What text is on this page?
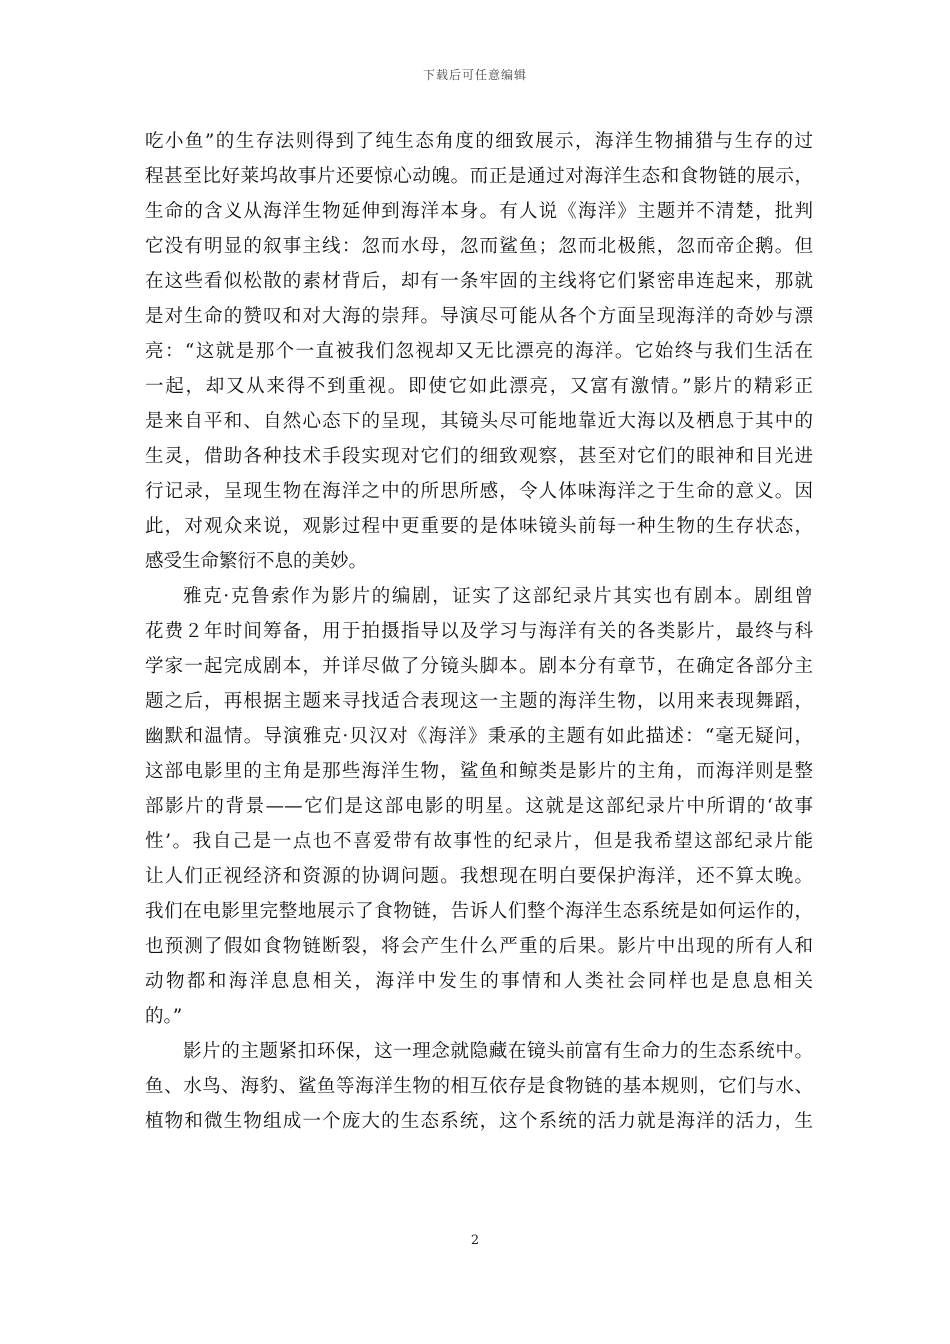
下载后可任意编辑
吃小鱼”的生存法则得到了纯生态角度的细致展示，海洋生物捕猎与生存的过
程甚至比好莱坞故事片还要惊心动魄。而正是通过对海洋生态和食物链的展示，
生命的含义从海洋生物延伸到海洋本身。有人说《海洋》主题并不清楚，批判
它没有明显的叙事主线：忽而水母，忽而鲨鱼；忽而北极熊，忽而帝企鹅。但
在这些看似松散的素材背后，却有一条牢固的主线将它们紧密串连起来，那就
是对生命的赞叹和对大海的崇拜。导演尽可能从各个方面呈现海洋的奇妙与漂
亮：“这就是那个一直被我们忽视却又无比漂亮的海洋。它始终与我们生活在
一起，却又从来得不到重视。即使它如此漂亮，又富有激情。”影片的精彩正
是来自平和、自然心态下的呈现，其镜头尽可能地靠近大海以及栖息于其中的
生灵，借助各种技术手段实现对它们的细致观察，甚至对它们的眼神和目光进
行记录，呈现生物在海洋之中的所思所感，令人体味海洋之于生命的意义。因
此，对观众来说，观影过程中更重要的是体味镜头前每一种生物的生存状态，
感受生命繁衍不息的美妙。
雅克·克鲁索作为影片的编剧，证实了这部纪录片其实也有剧本。剧组曾
花费２年时间筹备，用于拍摄指导以及学习与海洋有关的各类影片，最终与科
学家一起完成剧本，并详尽做了分镜头脚本。剧本分有章节，在确定各部分主
题之后，再根据主题来寻找适合表现这一主题的海洋生物，以用来表现舞蹈，
幽默和温情。导演雅克·贝汉对《海洋》秉承的主题有如此描述：“毫无疑问，
这部电影里的主角是那些海洋生物，鲨鱼和鲸类是影片的主角，而海洋则是整
部影片的背景——它们是这部电影的明星。这就是这部纪录片中所谓的‘故事
性’。我自己是一点也不喜爱带有故事性的纪录片，但是我希望这部纪录片能
让人们正视经济和资源的协调问题。我想现在明白要保护海洋，还不算太晚。
我们在电影里完整地展示了食物链，告诉人们整个海洋生态系统是如何运作的，
也预测了假如食物链断裂，将会产生什么严重的后果。影片中出现的所有人和
动物都和海洋息息相关，海洋中发生的事情和人类社会同样也是息息相关
的。”
影片的主题紧扣环保，这一理念就隐藏在镜头前富有生命力的生态系统中。
鱼、水鸟、海豹、鲨鱼等海洋生物的相互依存是食物链的基本规则，它们与水、
植物和微生物组成一个庞大的生态系统，这个系统的活力就是海洋的活力，生
2
